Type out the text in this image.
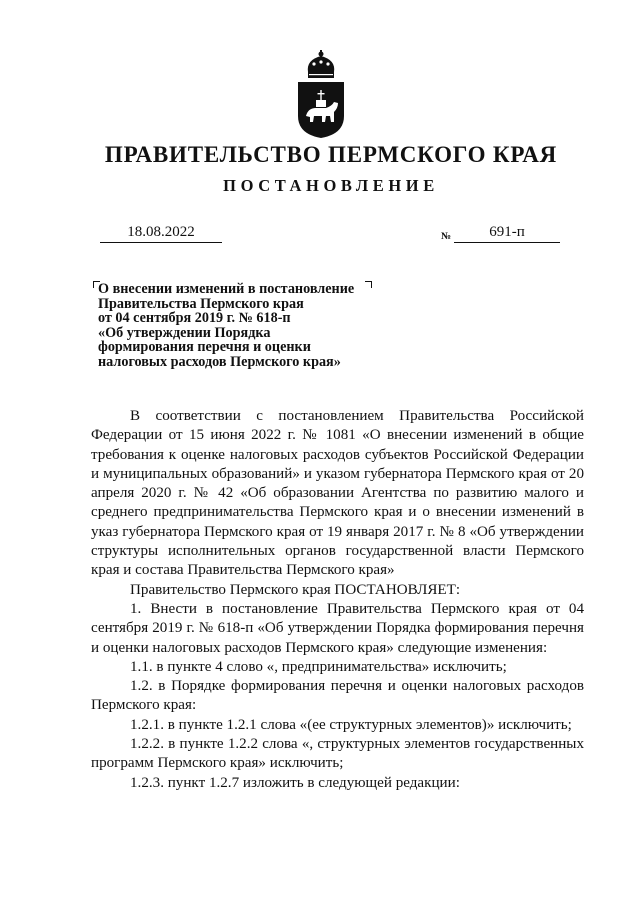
ПРАВИТЕЛЬСТВО ПЕРМСКОГО КРАЯ
ПОСТАНОВЛЕНИЕ
18.08.2022	№	691-п
О внесении изменений в постановление
Правительства Пермского края
от 04 сентября 2019 г. № 618-п
«Об утверждении Порядка
формирования перечня и оценки
налоговых расходов Пермского края»

В соответствии с постановлением Правительства Российской Федерации от 15 июня 2022 г. № 1081 «О внесении изменений в общие требования к оценке налоговых расходов субъектов Российской Федерации и муниципальных образований» и указом губернатора Пермского края от 20 апреля 2020 г. № 42 «Об образовании Агентства по развитию малого и среднего предпринимательства Пермского края и о внесении изменений в указ губернатора Пермского края от 19 января 2017 г. № 8 «Об утверждении структуры исполнительных органов государственной власти Пермского края и состава Правительства Пермского края»

Правительство Пермского края ПОСТАНОВЛЯЕТ:

1. Внести в постановление Правительства Пермского края от 04 сентября 2019 г. № 618-п «Об утверждении Порядка формирования перечня и оценки налоговых расходов Пермского края» следующие изменения:

1.1. в пункте 4 слово «, предпринимательства» исключить;

1.2. в Порядке формирования перечня и оценки налоговых расходов Пермского края:

1.2.1. в пункте 1.2.1 слова «(ее структурных элементов)» исключить;

1.2.2. в пункте 1.2.2 слова «, структурных элементов государственных программ Пермского края» исключить;

1.2.3. пункт 1.2.7 изложить в следующей редакции:
